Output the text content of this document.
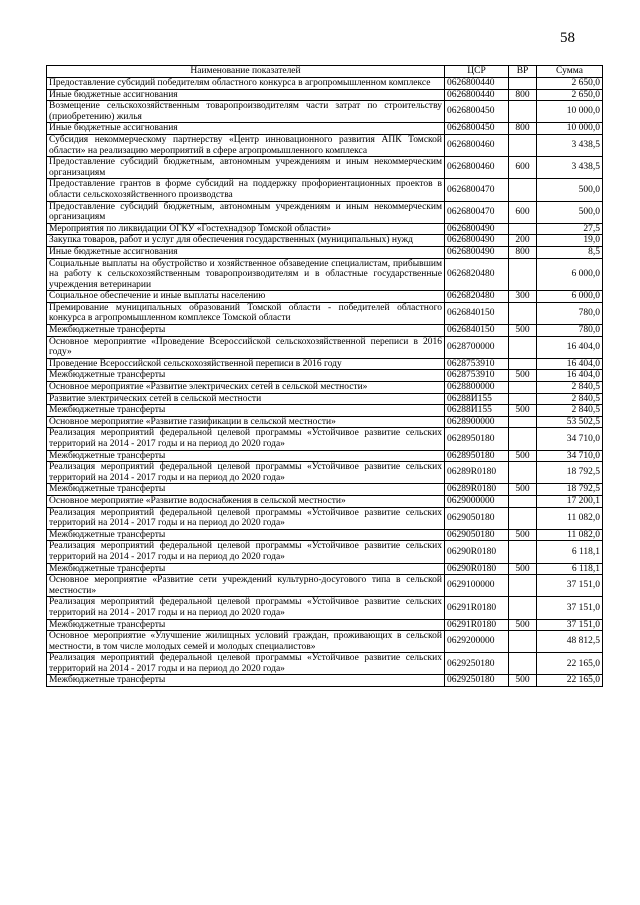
58
Наименование показателей	ЦСР	ВР	Сумма
Предоставление субсидий победителям областного конкурса в агропромышленном комплексе	0626800440		2 650,0
Иные бюджетные ассигнования	0626800440	800	2 650,0
Возмещение сельскохозяйственным товаропроизводителям части затрат по строительству (приобретению) жилья	0626800450		10 000,0
Иные бюджетные ассигнования	0626800450	800	10 000,0
Субсидия некоммерческому партнерству «Центр инновационного развития АПК Томской области» на реализацию мероприятий в сфере агропромышленного комплекса	0626800460		3 438,5
Предоставление субсидий бюджетным, автономным учреждениям и иным некоммерческим организациям	0626800460	600	3 438,5
Предоставление грантов в форме субсидий на поддержку профориентационных проектов в области сельскохозяйственного производства	0626800470		500,0
Предоставление субсидий бюджетным, автономным учреждениям и иным некоммерческим организациям	0626800470	600	500,0
Мероприятия по ликвидации ОГКУ «Гостехнадзор Томской области»	0626800490		27,5
Закупка товаров, работ и услуг для обеспечения государственных (муниципальных) нужд	0626800490	200	19,0
Иные бюджетные ассигнования	0626800490	800	8,5
Социальные выплаты на обустройство и хозяйственное обзаведение специалистам, прибывшим на работу к сельскохозяйственным товаропроизводителям и в областные государственные учреждения ветеринарии	0626820480		6 000,0
Социальное обеспечение и иные выплаты населению	0626820480	300	6 000,0
Премирование муниципальных образований Томской области - победителей областного конкурса в агропромышленном комплексе Томской области	0626840150		780,0
Межбюджетные трансферты	0626840150	500	780,0
Основное мероприятие «Проведение Всероссийской сельскохозяйственной переписи в 2016 году»	0628700000		16 404,0
Проведение Всероссийской сельскохозяйственной переписи в 2016 году	0628753910		16 404,0
Межбюджетные трансферты	0628753910	500	16 404,0
Основное мероприятие «Развитие электрических сетей в сельской местности»	0628800000		2 840,5
Развитие электрических сетей в сельской местности	06288И155		2 840,5
Межбюджетные трансферты	06288И155	500	2 840,5
Основное мероприятие «Развитие газификации в сельской местности»	0628900000		53 502,5
Реализация мероприятий федеральной целевой программы «Устойчивое развитие сельских территорий на 2014 - 2017 годы и на период до 2020 года»	0628950180		34 710,0
Межбюджетные трансферты	0628950180	500	34 710,0
Реализация мероприятий федеральной целевой программы «Устойчивое развитие сельских территорий на 2014 - 2017 годы и на период до 2020 года»	06289R0180		18 792,5
Межбюджетные трансферты	06289R0180	500	18 792,5
Основное мероприятие «Развитие водоснабжения в сельской местности»	0629000000		17 200,1
Реализация мероприятий федеральной целевой программы «Устойчивое развитие сельских территорий на 2014 - 2017 годы и на период до 2020 года»	0629050180		11 082,0
Межбюджетные трансферты	0629050180	500	11 082,0
Реализация мероприятий федеральной целевой программы «Устойчивое развитие сельских территорий на 2014 - 2017 годы и на период до 2020 года»	06290R0180		6 118,1
Межбюджетные трансферты	06290R0180	500	6 118,1
Основное мероприятие «Развитие сети учреждений культурно-досугового типа в сельской местности»	0629100000		37 151,0
Реализация мероприятий федеральной целевой программы «Устойчивое развитие сельских территорий на 2014 - 2017 годы и на период до 2020 года»	06291R0180		37 151,0
Межбюджетные трансферты	06291R0180	500	37 151,0
Основное мероприятие «Улучшение жилищных условий граждан, проживающих в сельской местности, в том числе молодых семей и молодых специалистов»	0629200000		48 812,5
Реализация мероприятий федеральной целевой программы «Устойчивое развитие сельских территорий на 2014 - 2017 годы и на период до 2020 года»	0629250180		22 165,0
Межбюджетные трансферты	0629250180	500	22 165,0
